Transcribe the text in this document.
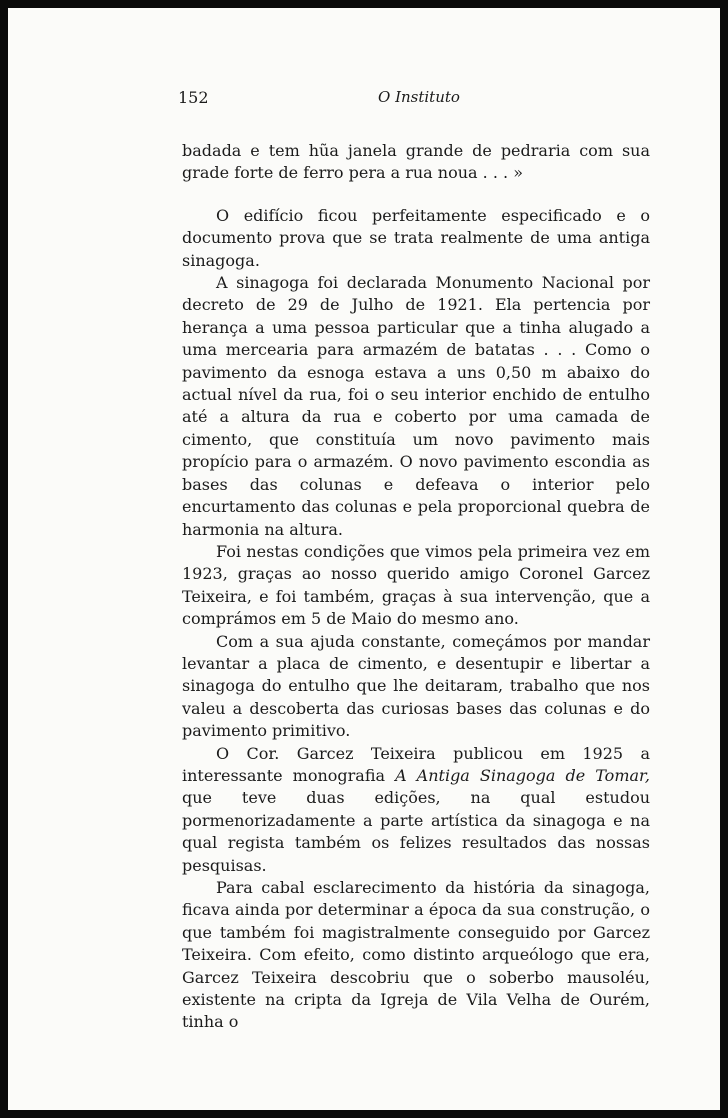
152	O Instituto

badada e tem hũa janela grande de pedraria com sua grade forte de ferro pera a rua noua . . . »

O edifício ficou perfeitamente especificado e o documento prova que se trata realmente de uma antiga sinagoga.

A sinagoga foi declarada Monumento Nacional por decreto de 29 de Julho de 1921. Ela pertencia por herança a uma pessoa particular que a tinha alugado a uma mercearia para armazém de batatas . . . Como o pavimento da esnoga estava a uns 0,50 m abaixo do actual nível da rua, foi o seu interior enchido de entulho até a altura da rua e coberto por uma camada de cimento, que constituía um novo pavimento mais propício para o armazém. O novo pavimento escondia as bases das colunas e defeava o interior pelo encurtamento das colunas e pela proporcional quebra de harmonia na altura.

Foi nestas condições que vimos pela primeira vez em 1923, graças ao nosso querido amigo Coronel Garcez Teixeira, e foi também, graças à sua intervenção, que a comprámos em 5 de Maio do mesmo ano.

Com a sua ajuda constante, começámos por mandar levantar a placa de cimento, e desentupir e libertar a sinagoga do entulho que lhe deitaram, trabalho que nos valeu a descoberta das curiosas bases das colunas e do pavimento primitivo.

O Cor. Garcez Teixeira publicou em 1925 a interessante monografia A Antiga Sinagoga de Tomar, que teve duas edições, na qual estudou pormenorizadamente a parte artística da sinagoga e na qual regista também os felizes resultados das nossas pesquisas.

Para cabal esclarecimento da história da sinagoga, ficava ainda por determinar a época da sua construção, o que também foi magistralmente conseguido por Garcez Teixeira. Com efeito, como distinto arqueólogo que era, Garcez Teixeira descobriu que o soberbo mausoléu, existente na cripta da Igreja de Vila Velha de Ourém, tinha o
